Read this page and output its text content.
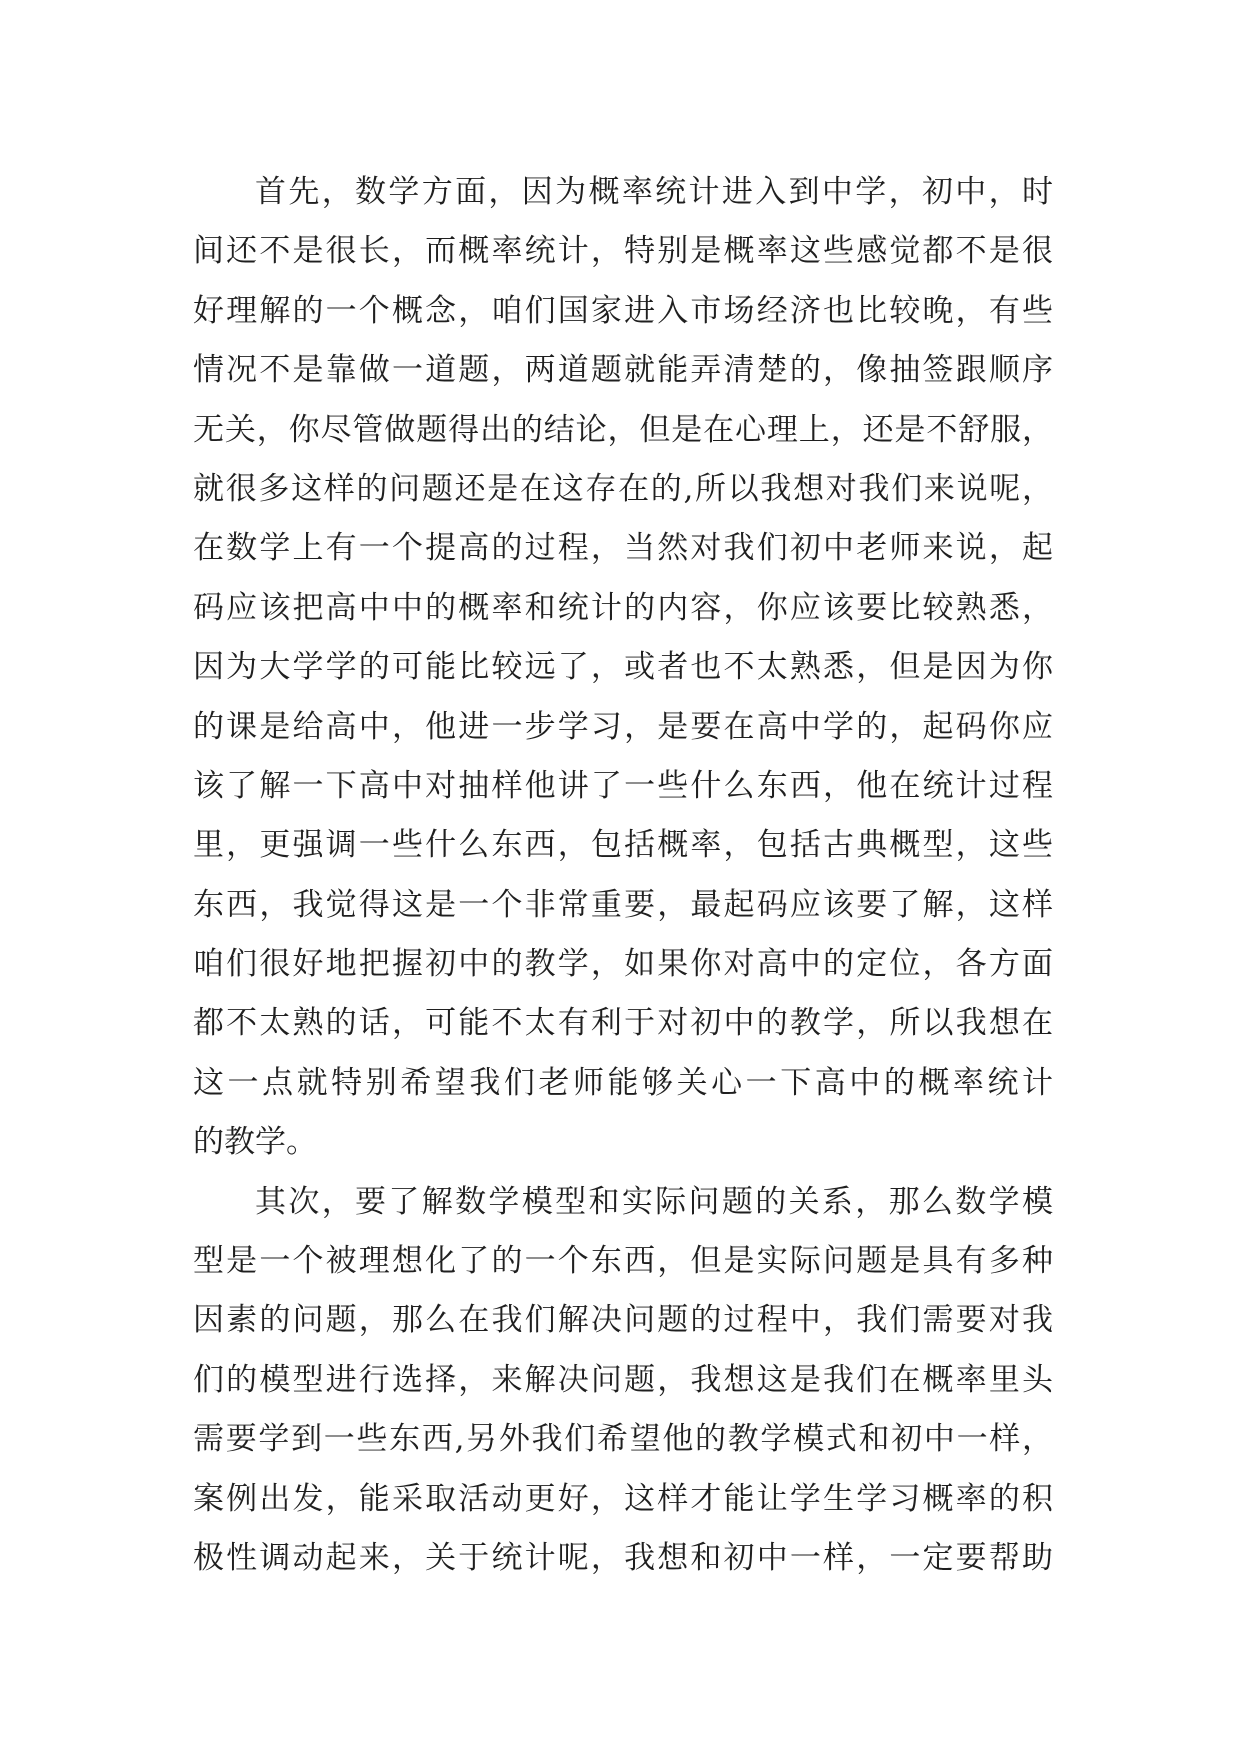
首先，数学方面，因为概率统计进入到中学，初中，时
间还不是很长，而概率统计，特别是概率这些感觉都不是很
好理解的一个概念，咱们国家进入市场经济也比较晚，有些
情况不是靠做一道题，两道题就能弄清楚的，像抽签跟顺序
无关，你尽管做题得出的结论，但是在心理上，还是不舒服，
就很多这样的问题还是在这存在的,所以我想对我们来说呢，
在数学上有一个提高的过程，当然对我们初中老师来说，起
码应该把高中中的概率和统计的内容，你应该要比较熟悉，
因为大学学的可能比较远了，或者也不太熟悉，但是因为你
的课是给高中，他进一步学习，是要在高中学的，起码你应
该了解一下高中对抽样他讲了一些什么东西，他在统计过程
里，更强调一些什么东西，包括概率，包括古典概型，这些
东西，我觉得这是一个非常重要，最起码应该要了解，这样
咱们很好地把握初中的教学，如果你对高中的定位，各方面
都不太熟的话，可能不太有利于对初中的教学，所以我想在
这一点就特别希望我们老师能够关心一下高中的概率统计
的教学。
其次，要了解数学模型和实际问题的关系，那么数学模
型是一个被理想化了的一个东西，但是实际问题是具有多种
因素的问题，那么在我们解决问题的过程中，我们需要对我
们的模型进行选择，来解决问题，我想这是我们在概率里头
需要学到一些东西,另外我们希望他的教学模式和初中一样，
案例出发，能采取活动更好，这样才能让学生学习概率的积
极性调动起来，关于统计呢，我想和初中一样，一定要帮助
